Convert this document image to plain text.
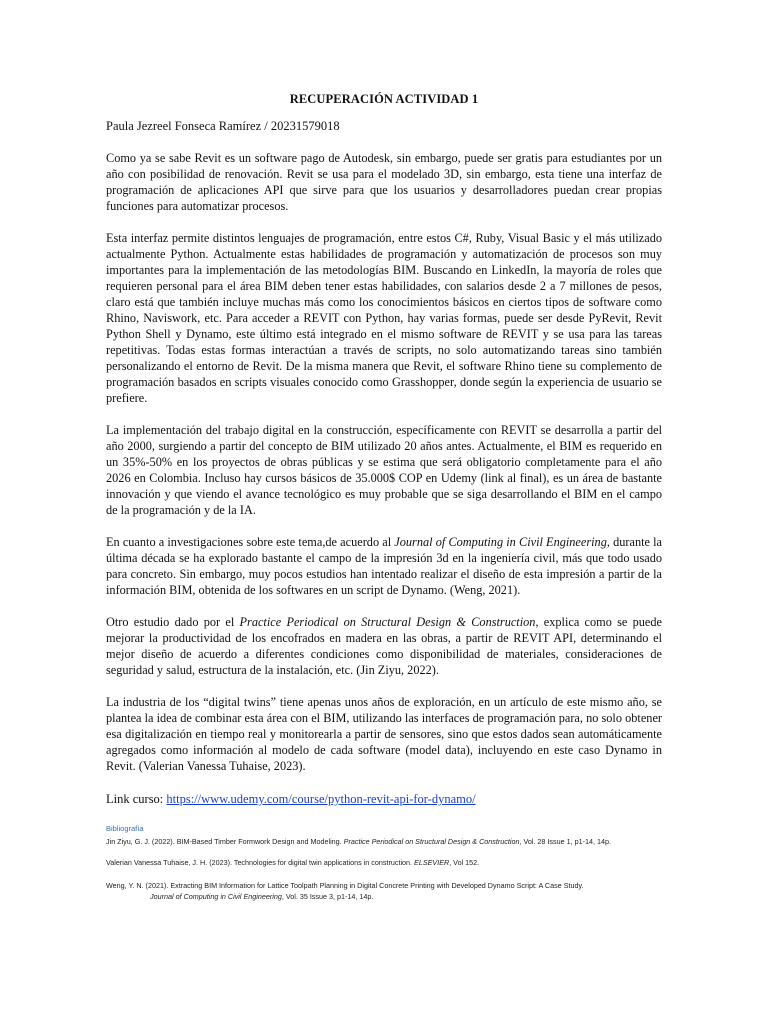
RECUPERACIÓN ACTIVIDAD 1
Paula Jezreel Fonseca Ramírez / 20231579018

Como ya se sabe Revit es un software pago de Autodesk, sin embargo, puede ser gratis para estudiantes por un año con posibilidad de renovación. Revit se usa para el modelado 3D, sin embargo, esta tiene una interfaz de programación de aplicaciones API que sirve para que los usuarios y desarrolladores puedan crear propias funciones para automatizar procesos.

Esta interfaz permite distintos lenguajes de programación, entre estos C#, Ruby, Visual Basic y el más utilizado actualmente Python. Actualmente estas habilidades de programación y automatización de procesos son muy importantes para la implementación de las metodologías BIM. Buscando en LinkedIn, la mayoría de roles que requieren personal para el área BIM deben tener estas habilidades, con salarios desde 2 a 7 millones de pesos, claro está que también incluye muchas más como los conocimientos básicos en ciertos tipos de software como Rhino, Naviswork, etc. Para acceder a REVIT con Python, hay varias formas, puede ser desde PyRevit, Revit Python Shell y Dynamo, este último está integrado en el mismo software de REVIT y se usa para las tareas repetitivas. Todas estas formas interactúan a través de scripts, no solo automatizando tareas sino también personalizando el entorno de Revit. De la misma manera que Revit, el software Rhino tiene su complemento de programación basados en scripts visuales conocido como Grasshopper, donde según la experiencia de usuario se prefiere.

La implementación del trabajo digital en la construcción, específicamente con REVIT se desarrolla a partir del año 2000, surgiendo a partir del concepto de BIM utilizado 20 años antes. Actualmente, el BIM es requerido en un 35%-50% en los proyectos de obras públicas y se estima que será obligatorio completamente para el año 2026 en Colombia. Incluso hay cursos básicos de 35.000$ COP en Udemy (link al final), es un área de bastante innovación y que viendo el avance tecnológico es muy probable que se siga desarrollando el BIM en el campo de la programación y de la IA.

En cuanto a investigaciones sobre este tema,de acuerdo al Journal of Computing in Civil Engineering, durante la última década se ha explorado bastante el campo de la impresión 3d en la ingeniería civil, más que todo usado para concreto. Sin embargo, muy pocos estudios han intentado realizar el diseño de esta impresión a partir de la información BIM, obtenida de los softwares en un script de Dynamo. (Weng, 2021).

Otro estudio dado por el Practice Periodical on Structural Design & Construction, explica como se puede mejorar la productividad de los encofrados en madera en las obras, a partir de REVIT API, determinando el mejor diseño de acuerdo a diferentes condiciones como disponibilidad de materiales, consideraciones de seguridad y salud, estructura de la instalación, etc. (Jin Ziyu, 2022).

La industria de los “digital twins” tiene apenas unos años de exploración, en un artículo de este mismo año, se plantea la idea de combinar esta área con el BIM, utilizando las interfaces de programación para, no solo obtener esa digitalización en tiempo real y monitorearla a partir de sensores, sino que estos dados sean automáticamente agregados como información al modelo de cada software (model data), incluyendo en este caso Dynamo in Revit. (Valerian Vanessa Tuhaise, 2023).

Link curso: https://www.udemy.com/course/python-revit-api-for-dynamo/
Bibliografía
Jin Ziyu, G. J. (2022). BIM-Based Timber Formwork Design and Modeling. Practice Periodical on Structural Design & Construction, Vol. 28 Issue 1, p1-14, 14p.
Valerian Vanessa Tuhaise, J. H. (2023). Technologies for digital twin applications in construction. ELSEVIER, Vol 152.
Weng, Y. N. (2021). Extracting BIM Information for Lattice Toolpath Planning in Digital Concrete Printing with Developed Dynamo Script: A Case Study.
Journal of Computing in Civil Engineering, Vol. 35 Issue 3, p1-14, 14p.
